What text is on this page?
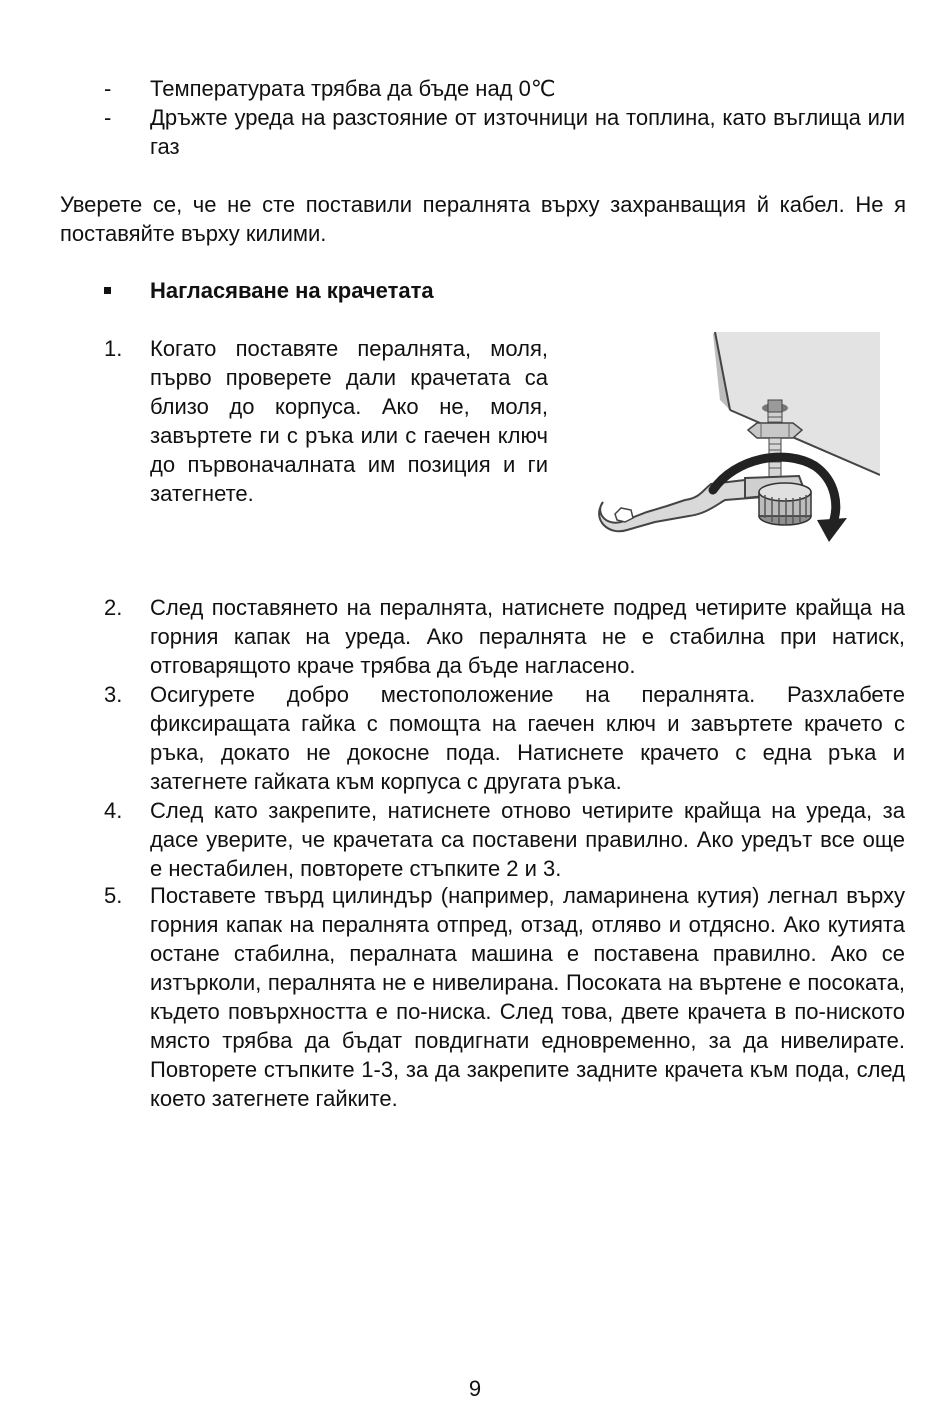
- Температурата трябва да бъде над 0℃
- Дръжте уреда на разстояние от източници на топлина, като въглища или газ
Уверете се, че не сте поставили пералнята върху захранващия й кабел. Не я поставяйте върху килими.
Нагласяване на крачетата
1. Когато поставяте пералнята, моля, първо проверете дали крачетата са близо до корпуса. Ако не, моля, завъртете ги с ръка или с гаечен ключ до първоначалната им позиция и ги затегнете.
2. След поставянето на пералнята, натиснете подред четирите крайща на горния капак на уреда. Ако пералнята не е стабилна при натиск, отговарящото краче трябва да бъде нагласено.
3. Осигурете добро местоположение на пералнята. Разхлабете фиксиращата гайка с помощта на гаечен ключ и завъртете крачето с ръка, докато не докосне пода. Натиснете крачето с една ръка и затегнете гайката към корпуса с другата ръка.
4. След като закрепите, натиснете отново четирите крайща на уреда, за дасе уверите, че крачетата са поставени правилно. Ако уредът все още е нестабилен, повторете стъпките 2 и 3.
5. Поставете твърд цилиндър (например, ламаринена кутия) легнал върху горния капак на пералнята отпред, отзад, отляво и отдясно. Ако кутията остане стабилна, пералната машина е поставена правилно. Ако се изтърколи, пералнята не е нивелирана. Посоката на въртене е посоката, където повърхността е по-ниска. След това, двете крачета в по-ниското място трябва да бъдат повдигнати едновременно, за да нивелирате. Повторете стъпките 1-3, за да закрепите задните крачета към пода, след което затегнете гайките.
9
